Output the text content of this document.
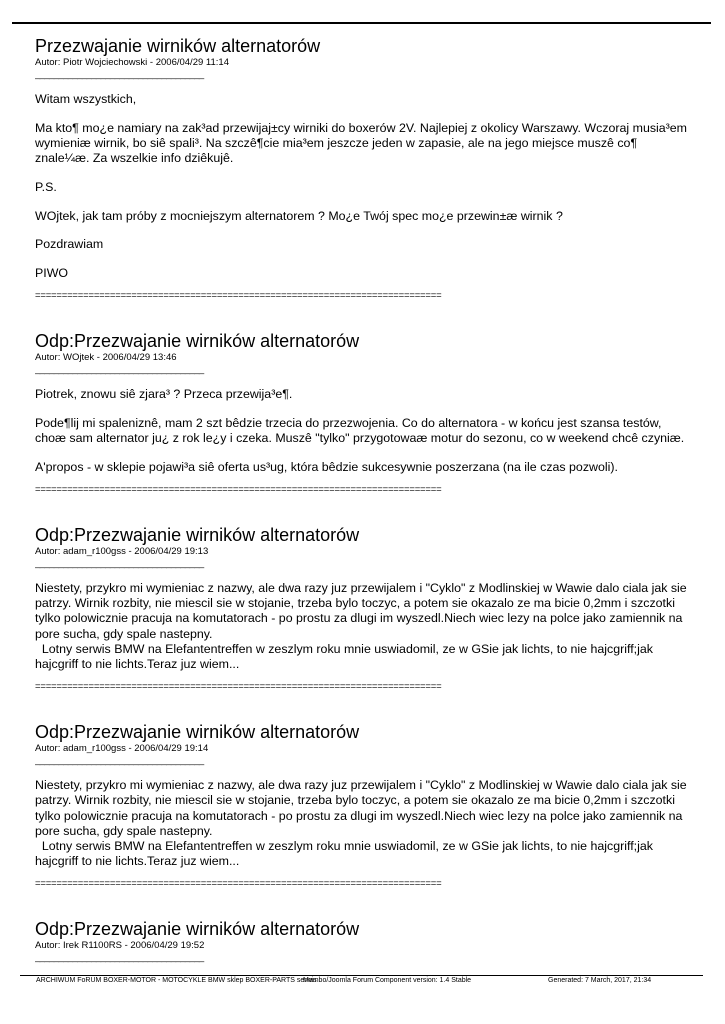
Przezwajanie wirników alternatorów
Autor: Piotr Wojciechowski - 2006/04/29 11:14
____________________________________

Witam wszystkich,

Ma kto¶ mo¿e namiary na zak³ad przewijaj±cy wirniki do boxerów 2V. Najlepiej z okolicy Warszawy. Wczoraj musia³em wymieniæ wirnik, bo siê spali³. Na szczê¶cie mia³em jeszcze jeden w zapasie, ale na jego miejsce muszê co¶ znale¼æ. Za wszelkie info dziêkujê.

P.S.

WOjtek, jak tam próby z mocniejszym alternatorem ? Mo¿e Twój spec mo¿e przewin±æ wirnik ?

Pozdrawiam

PIWO

============================================================================
Odp:Przezwajanie wirników alternatorów
Autor: WOjtek - 2006/04/29 13:46
____________________________________

Piotrek, znowu siê zjara³ ? Przeca przewija³e¶.

Pode¶lij mi spaleniznê, mam 2 szt bêdzie trzecia do przezwojenia. Co do alternatora - w końcu jest szansa testów, choæ sam alternator ju¿ z rok le¿y i czeka. Muszê "tylko" przygotowaæ motur do sezonu, co w weekend chcê czyniæ.

A'propos - w sklepie pojawi³a siê oferta us³ug, która bêdzie sukcesywnie poszerzana (na ile czas pozwoli).

============================================================================
Odp:Przezwajanie wirników alternatorów
Autor: adam_r100gss - 2006/04/29 19:13
____________________________________

Niestety, przykro mi wymieniac z nazwy, ale dwa razy juz przewijalem i "Cyklo" z Modlinskiej w Wawie dalo ciala jak sie patrzy. Wirnik rozbity, nie miescil sie w stojanie, trzeba bylo toczyc, a potem sie okazalo ze ma bicie 0,2mm i szczotki tylko polowicznie pracuja na komutatorach - po prostu za dlugi im wyszedl.Niech wiec lezy na polce jako zamiennik na pore sucha, gdy spale nastepny.
Lotny serwis BMW na Elefantentreffen w zeszlym roku mnie uswiadomil, ze w GSie jak lichts, to nie hajcgriff;jak hajcgriff to nie lichts.Teraz juz wiem...

============================================================================
Odp:Przezwajanie wirników alternatorów
Autor: adam_r100gss - 2006/04/29 19:14
____________________________________

Niestety, przykro mi wymieniac z nazwy, ale dwa razy juz przewijalem i "Cyklo" z Modlinskiej w Wawie dalo ciala jak sie patrzy. Wirnik rozbity, nie miescil sie w stojanie, trzeba bylo toczyc, a potem sie okazalo ze ma bicie 0,2mm i szczotki tylko polowicznie pracuja na komutatorach - po prostu za dlugi im wyszedl.Niech wiec lezy na polce jako zamiennik na pore sucha, gdy spale nastepny.
Lotny serwis BMW na Elefantentreffen w zeszlym roku mnie uswiadomil, ze w GSie jak lichts, to nie hajcgriff;jak hajcgriff to nie lichts.Teraz juz wiem...

============================================================================
Odp:Przezwajanie wirników alternatorów
Autor: Irek R1100RS - 2006/04/29 19:52
____________________________________

ARCHIWUM FoRUM BOXER-MOTOR - MOTOCYKLE BMW sklep BOXER-PARTS serwis
Mambo/Joomla Forum Component version: 1.4 Stable	Generated: 7 March, 2017, 21:34
